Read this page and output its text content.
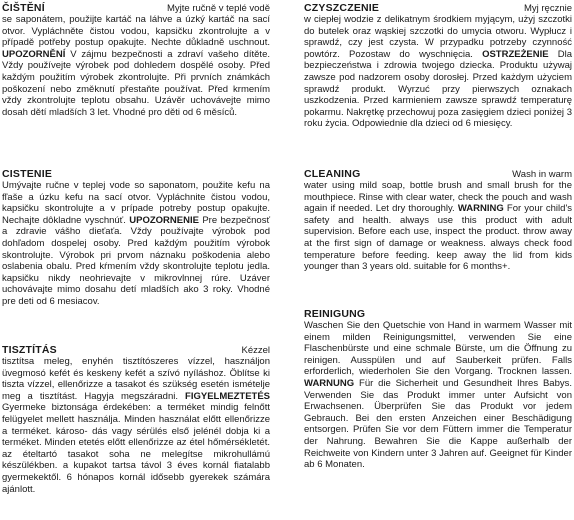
ČIŠTĚNÍ	Myjte ručně v teplé vodě
se saponátem, použijte kartáč na láhve a úzký kartáč na sací otvor. Vypláchněte čistou vodou, kapsičku zkontrolujte a v případě potřeby postup opakujte. Nechte důkladně uschnout. UPOZORNĚNÍ V zájmu bezpečnosti a zdraví vašeho dítěte. Vždy používejte výrobek pod dohledem dospělé osoby. Před každým použitím výrobek zkontrolujte. Při prvních známkách poškození nebo změknutí přestaňte používat. Před krmením vždy zkontrolujte teplotu obsahu. Uzávěr uchovávejte mimo dosah dětí mladších 3 let. Vhodné pro děti od 6 měsíců.
CISTENIE
Umývajte ručne v teplej vode so saponatom, použite kefu na fľaše a úzku kefu na sací otvor. Vypláchnite čistou vodou, kapsičku skontrolujte a v prípade potreby postup opakujte. Nechajte dôkladne vyschnúť. UPOZORNENIE Pre bezpečnosť a zdravie vášho dieťaťa. Vždy používajte výrobok pod dohľadom dospelej osoby. Pred každým použitím výrobok skontrolujte. Výrobok pri prvom náznaku poškodenia alebo oslabenia obalu. Pred kŕmením vždy skontrolujte teplotu jedla. kapsičku nikdy neohrievajte v mikrovlnnej rúre. Uzáver uchovávajte mimo dosahu detí mladších ako 3 roky. Vhodné pre deti od 6 mesiacov.
TISZTÍTÁS	Kézzel
tisztítsa meleg, enyhén tisztítószeres vízzel, használjon üvegmosó kefét és keskeny kefét a szívó nyíláshoz. Öblítse ki tiszta vízzel, ellenőrizze a tasakot és szükség esetén ismételje meg a tisztítást. Hagyja megszáradni. FIGYELMEZTETÉS Gyermeke biztonsága érdekében: a terméket mindig felnőtt felügyelet mellett használja. Minden használat előtt ellenőrizze a terméket. károso- dás vagy sérülés első jelénél dobja ki a terméket. Minden etetés előtt ellenőrizze az étel hőmérsékletét. az ételtartó tasakot soha ne melegítse mikrohullámú készülékben. a kupakot tartsa távol 3 éves kornál fiatalabb gyermekektől. 6 hónapos kornál idősebb gyerekek számára ajánlott.
CZYSZCZENIE	Myj ręcznie
w ciepłej wodzie z delikatnym środkiem myjącym, użyj szczotki do butelek oraz wąskiej szczotki do umycia otworu. Wypłucz i sprawdź, czy jest czysta. W przypadku potrzeby czynność powtórz. Pozostaw do wyschnięcia. OSTRZEŻENIE Dla bezpieczeństwa i zdrowia twojego dziecka. Produktu używaj zawsze pod nadzorem osoby dorosłej. Przed każdym użyciem sprawdź produkt. Wyrzuć przy pierwszych oznakach uszkodzenia. Przed karmieniem zawsze sprawdź temperaturę pokarmu. Nakrętkę przechowuj poza zasięgiem dzieci poniżej 3 roku życia. Odpowiednie dla dzieci od 6 miesięcy.
CLEANING	Wash in warm
water using mild soap, bottle brush and small brush for the mouthpiece. Rinse with clear water, check the pouch and wash again if needed. Let dry thoroughly. WARNING For your child's safety and health. always use this product with adult supervision. Before each use, inspect the product. throw away at the first sign of damage or weakness. always check food temperature before feeding. keep away the lid from kids younger than 3 years old. suitable for 6 months+.
REINIGUNG
Waschen Sie den Quetschie von Hand in warmem Wasser mit einem milden Reinigungsmittel, verwenden Sie eine Flaschenbürste und eine schmale Bürste, um die Öffnung zu reinigen. Ausspülen und auf Sauberkeit prüfen. Falls erforderlich, wiederholen Sie den Vorgang. Trocknen lassen. WARNUNG Für die Sicherheit und Gesundheit Ihres Babys. Verwenden Sie das Produkt immer unter Aufsicht von Erwachsenen. Überprüfen Sie das Produkt vor jedem Gebrauch. Bei den ersten Anzeichen einer Beschädigung entsorgen. Prüfen Sie vor dem Füttern immer die Temperatur der Nahrung. Bewahren Sie die Kappe außerhalb der Reichweite von Kindern unter 3 Jahren auf. Geeignet für Kinder ab 6 Monaten.
